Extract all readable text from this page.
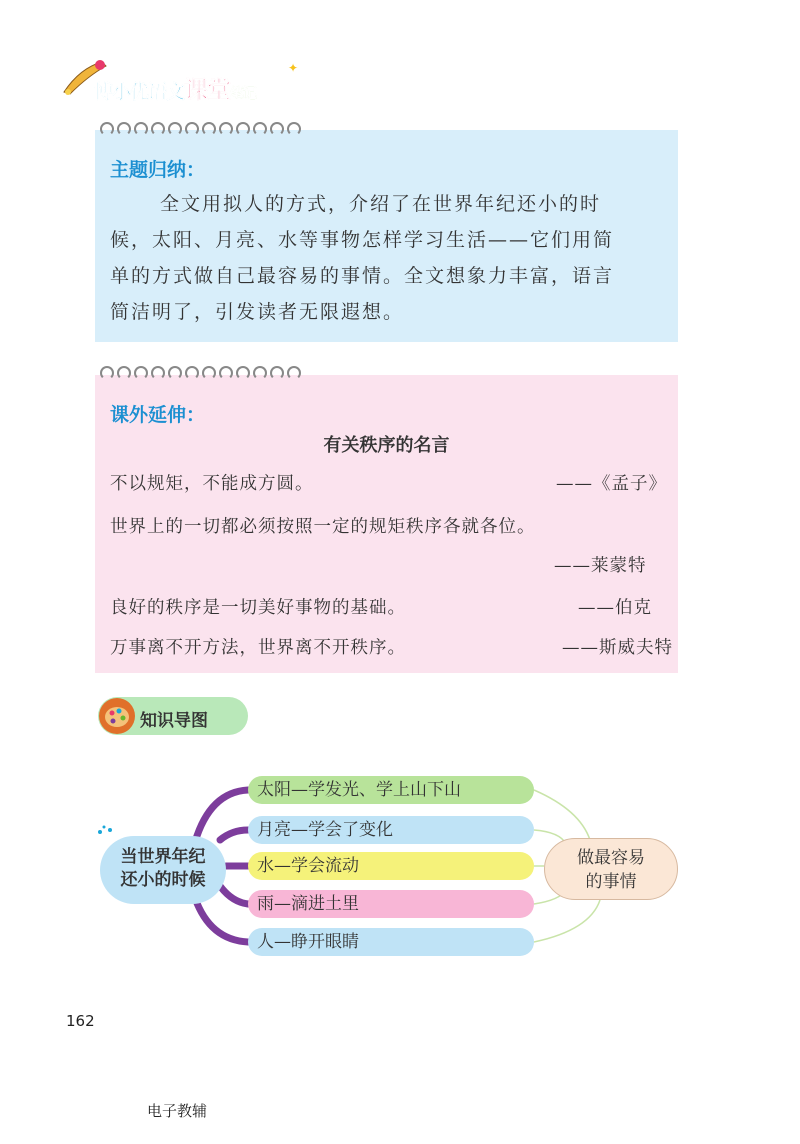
✦
博小优语文课堂笔记
主题归纳：
全文用拟人的方式，介绍了在世界年纪还小的时
候，太阳、月亮、水等事物怎样学习生活——它们用简
单的方式做自己最容易的事情。全文想象力丰富，语言
简洁明了，引发读者无限遐想。
课外延伸：
有关秩序的名言
不以规矩，不能成方圆。	——《孟子》
世界上的一切都必须按照一定的规矩秩序各就各位。
——莱蒙特
良好的秩序是一切美好事物的基础。	——伯克
万事离不开方法，世界离不开秩序。	——斯威夫特
知识导图
当世界年纪
还小的时候
太阳—学发光、学上山下山
月亮—学会了变化
水—学会流动
雨—滴进土里
人—睁开眼睛
做最容易
的事情
162
电子教辅
